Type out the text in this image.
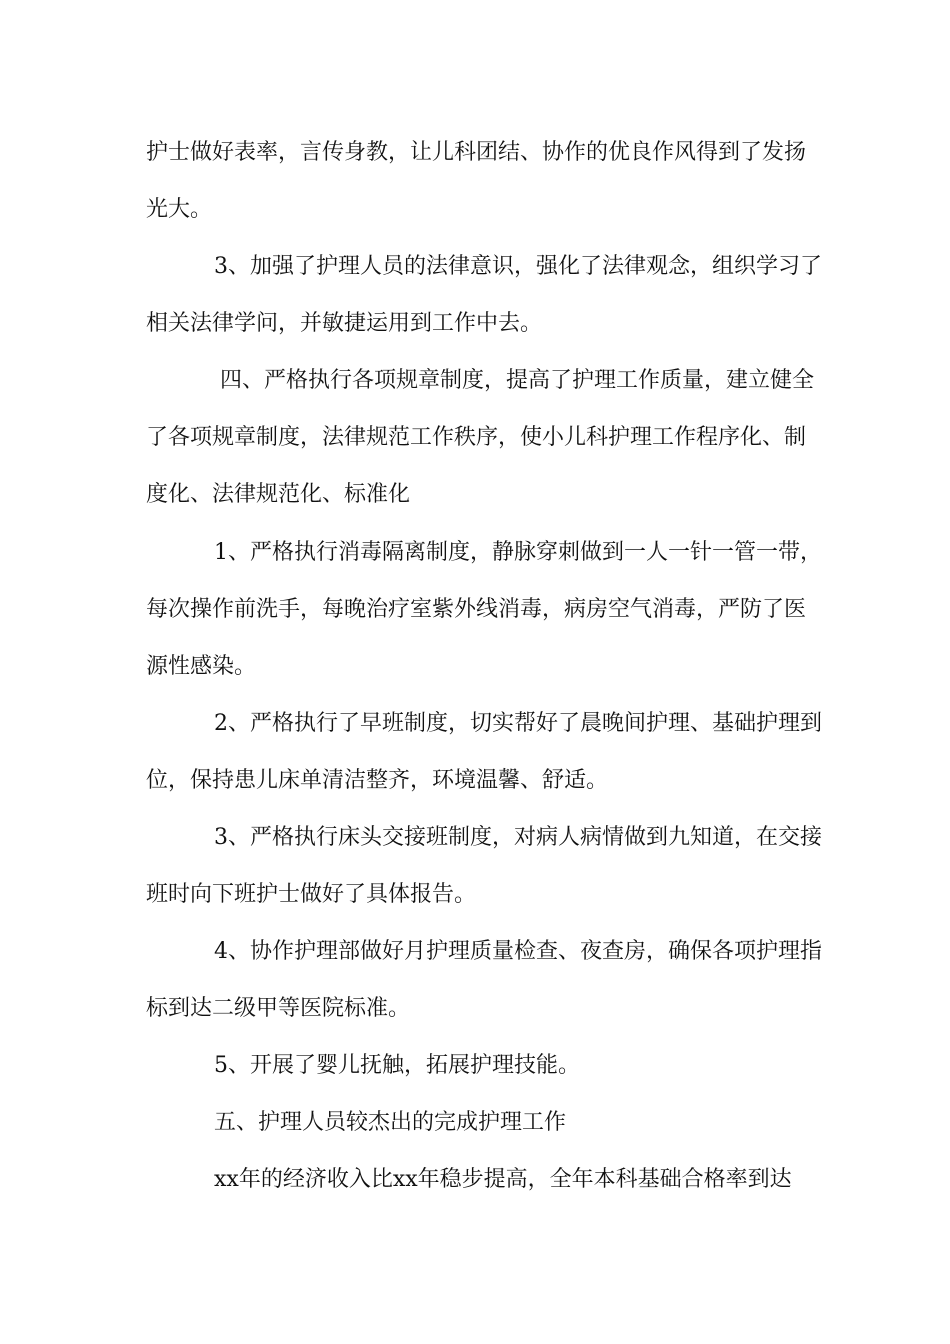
护士做好表率，言传身教，让儿科团结、协作的优良作风得到了发扬光大。

3、加强了护理人员的法律意识，强化了法律观念，组织学习了相关法律学问，并敏捷运用到工作中去。

四、严格执行各项规章制度，提高了护理工作质量，建立健全了各项规章制度，法律规范工作秩序，使小儿科护理工作程序化、制度化、法律规范化、标准化

1、严格执行消毒隔离制度，静脉穿刺做到一人一针一管一带，每次操作前洗手，每晚治疗室紫外线消毒，病房空气消毒，严防了医源性感染。

2、严格执行了早班制度，切实帮好了晨晚间护理、基础护理到位，保持患儿床单清洁整齐，环境温馨、舒适。

3、严格执行床头交接班制度，对病人病情做到九知道，在交接班时向下班护士做好了具体报告。

4、协作护理部做好月护理质量检查、夜查房，确保各项护理指标到达二级甲等医院标准。

5、开展了婴儿抚触，拓展护理技能。

五、护理人员较杰出的完成护理工作

xx年的经济收入比xx年稳步提高，全年本科基础合格率到达
